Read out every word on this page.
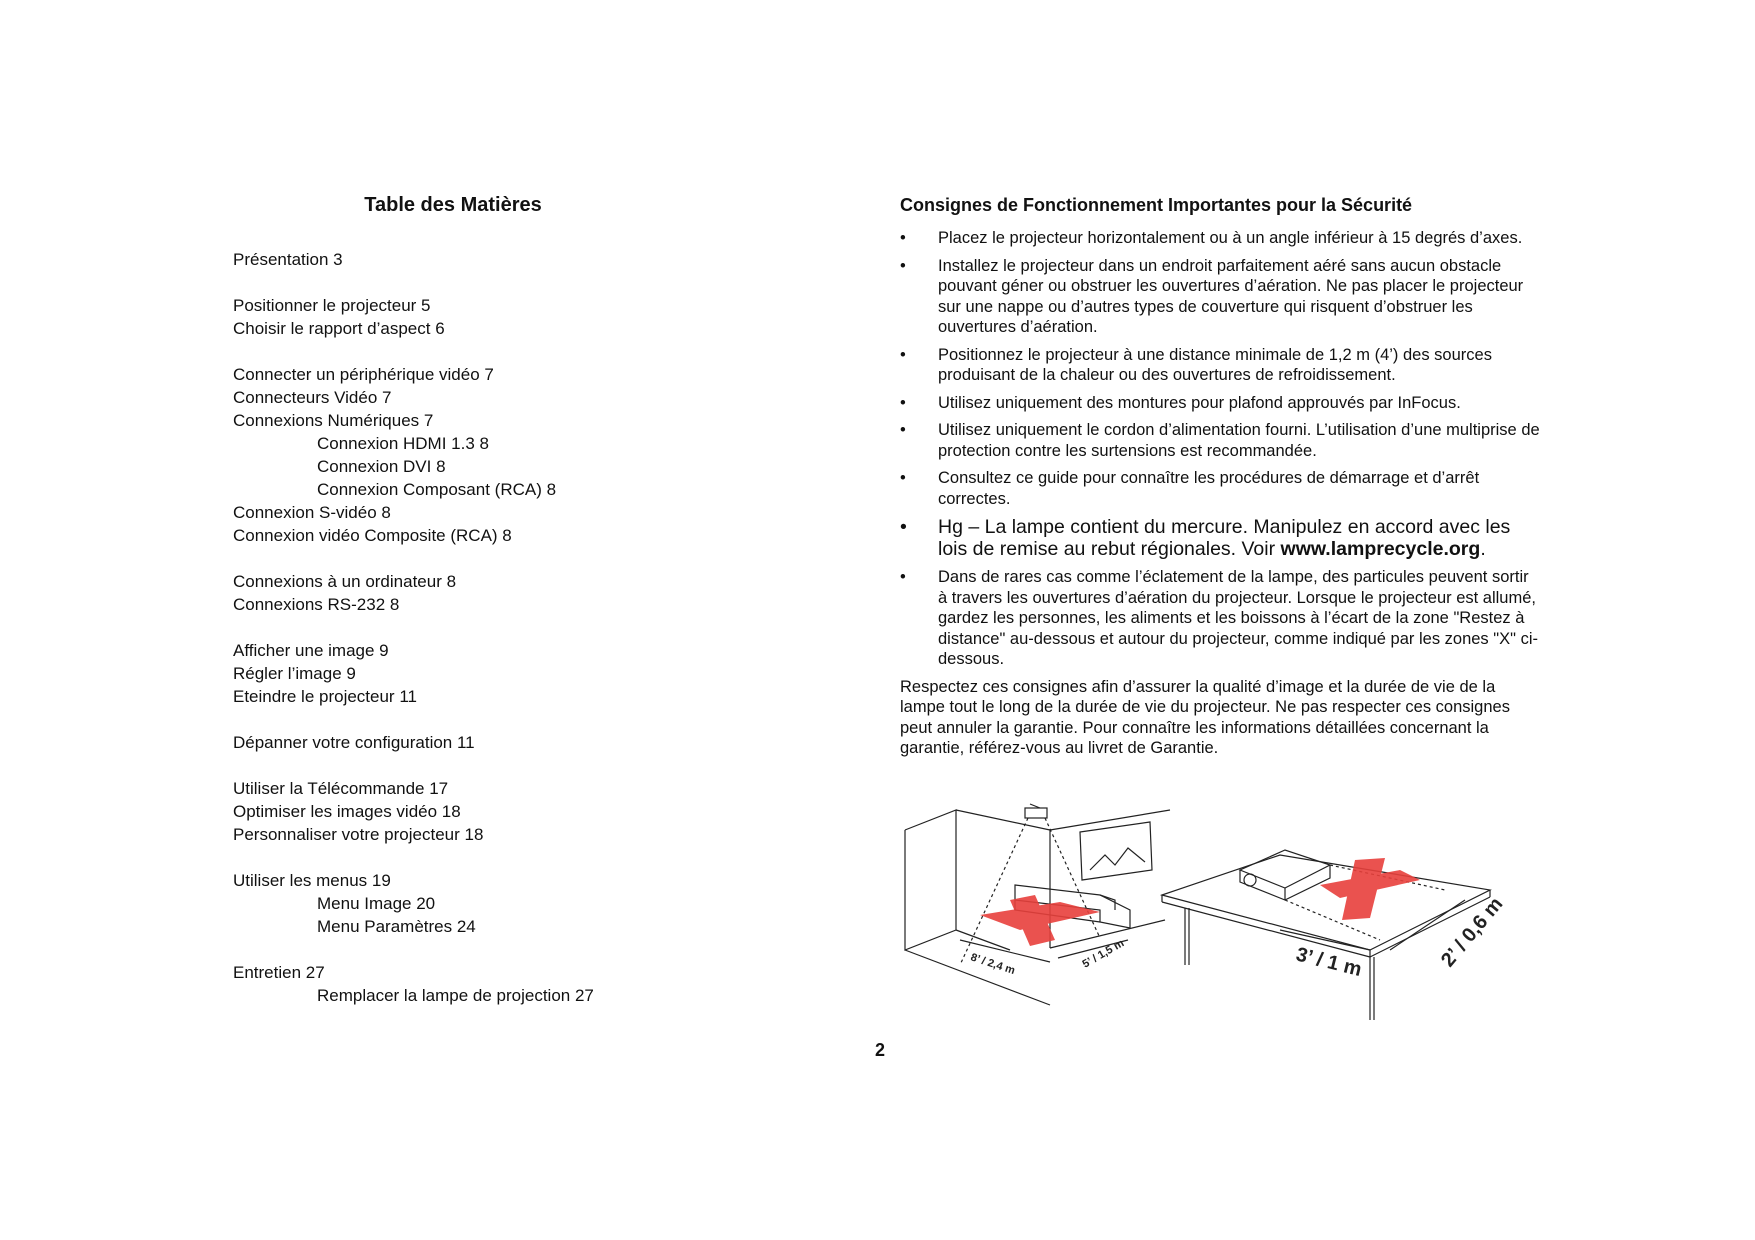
Table des Matières
Présentation 3
Positionner le projecteur 5
Choisir le rapport d’aspect 6
Connecter un périphérique vidéo 7
Connecteurs Vidéo 7
Connexions Numériques 7
Connexion HDMI 1.3 8
Connexion DVI 8
Connexion Composant (RCA) 8
Connexion S-vidéo 8
Connexion vidéo Composite (RCA) 8
Connexions à un ordinateur 8
Connexions RS-232 8
Afficher une image 9
Régler l’image 9
Eteindre le projecteur 11
Dépanner votre configuration 11
Utiliser la Télécommande 17
Optimiser les images vidéo 18
Personnaliser votre projecteur 18
Utiliser les menus 19
Menu Image 20
Menu Paramètres 24
Entretien 27
Remplacer la lampe de projection 27
Consignes de Fonctionnement Importantes pour la Sécurité
• Placez le projecteur horizontalement ou à un angle inférieur à 15 degrés d’axes.
• Installez le projecteur dans un endroit parfaitement aéré sans aucun obstacle pouvant géner ou obstruer les ouvertures d’aération. Ne pas placer le projecteur sur une nappe ou d’autres types de couverture qui risquent d’obstruer les ouvertures d’aération.
• Positionnez le projecteur à une distance minimale de 1,2 m (4’) des sources produisant de la chaleur ou des ouvertures de refroidissement.
• Utilisez uniquement des montures pour plafond approuvés par InFocus.
• Utilisez uniquement le cordon d’alimentation fourni. L’utilisation d’une multiprise de protection contre les surtensions est recommandée.
• Consultez ce guide pour connaître les procédures de démarrage et d’arrêt correctes.
• Hg – La lampe contient du mercure. Manipulez en accord avec les lois de remise au rebut régionales. Voir www.lamprecycle.org.
• Dans de rares cas comme l’éclatement de la lampe, des particules peuvent sortir à travers les ouvertures d’aération du projecteur. Lorsque le projecteur est allumé, gardez les personnes, les aliments et les boissons à l’écart de la zone "Restez à distance" au-dessous et autour du projecteur, comme indiqué par les zones "X" ci-dessous.

Respectez ces consignes afin d’assurer la qualité d’image et la durée de vie de la lampe tout le long de la durée de vie du projecteur. Ne pas respecter ces consignes peut annuler la garantie. Pour connaître les informations détaillées concernant la garantie, référez-vous au livret de Garantie.

8’ / 2,4 m	5’ / 1,5 m	3’ / 1 m	2’ / 0,6 m
2
